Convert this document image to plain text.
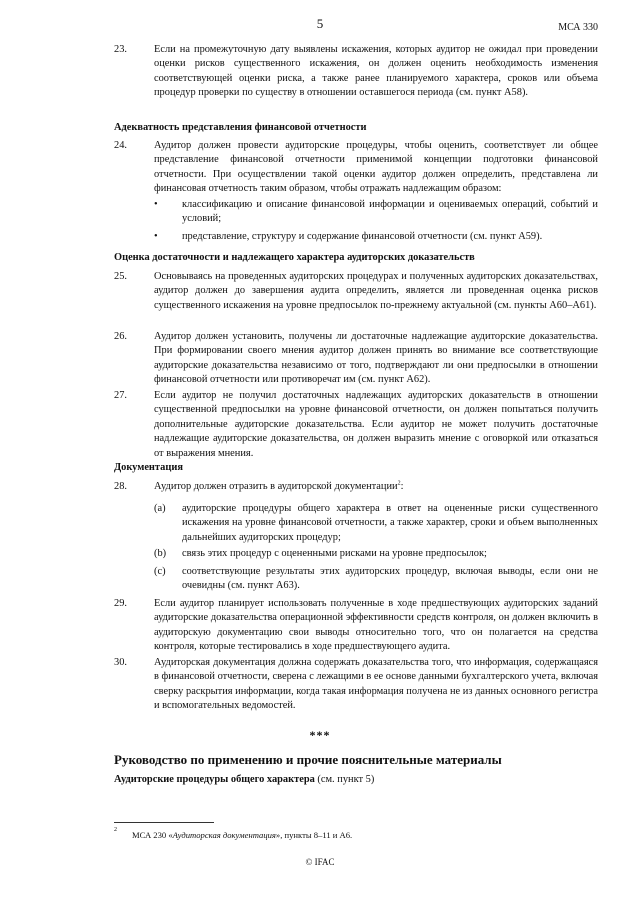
5	МСА 330
23.	Если на промежуточную дату выявлены искажения, которых аудитор не ожидал при проведении оценки рисков существенного искажения, он должен оценить необходимость изменения соответствующей оценки риска, а также ранее планируемого характера, сроков или объема процедур проверки по существу в отношении оставшегося периода (см. пункт А58).
Адекватность представления финансовой отчетности
24.	Аудитор должен провести аудиторские процедуры, чтобы оценить, соответствует ли общее представление финансовой отчетности применимой концепции подготовки финансовой отчетности. При осуществлении такой оценки аудитор должен определить, представлена ли финансовая отчетность таким образом, чтобы отражать надлежащим образом:
• классификацию и описание финансовой информации и оцениваемых операций, событий и условий;
• представление, структуру и содержание финансовой отчетности (см. пункт А59).
Оценка достаточности и надлежащего характера аудиторских доказательств
25.	Основываясь на проведенных аудиторских процедурах и полученных аудиторских доказательствах, аудитор должен до завершения аудита определить, является ли проведенная оценка рисков существенного искажения на уровне предпосылок по-прежнему актуальной (см. пункты А60–А61).
26.	Аудитор должен установить, получены ли достаточные надлежащие аудиторские доказательства. При формировании своего мнения аудитор должен принять во внимание все соответствующие аудиторские доказательства независимо от того, подтверждают ли они предпосылки в отношении финансовой отчетности или противоречат им (см. пункт А62).
27.	Если аудитор не получил достаточных надлежащих аудиторских доказательств в отношении существенной предпосылки на уровне финансовой отчетности, он должен попытаться получить дополнительные аудиторские доказательства. Если аудитор не может получить достаточные надлежащие аудиторские доказательства, он должен выразить мнение с оговоркой или отказаться от выражения мнения.
Документация
28.	Аудитор должен отразить в аудиторской документации$^2$:
(a) аудиторские процедуры общего характера в ответ на оцененные риски существенного искажения на уровне финансовой отчетности, а также характер, сроки и объем выполненных дальнейших аудиторских процедур;
(b) связь этих процедур с оцененными рисками на уровне предпосылок;
(c) соответствующие результаты этих аудиторских процедур, включая выводы, если они не очевидны (см. пункт А63).
29.	Если аудитор планирует использовать полученные в ходе предшествующих аудиторских заданий аудиторские доказательства операционной эффективности средств контроля, он должен включить в аудиторскую документацию свои выводы относительно того, что он полагается на средства контроля, которые тестировались в ходе предшествующего аудита.
30.	Аудиторская документация должна содержать доказательства того, что информация, содержащаяся в финансовой отчетности, сверена с лежащими в ее основе данными бухгалтерского учета, включая сверку раскрытия информации, когда такая информация получена не из данных основного регистра и вспомогательных ведомостей.
***
Руководство по применению и прочие пояснительные материалы
Аудиторские процедуры общего характера (см. пункт 5)
2 МСА 230 «Аудиторская документация», пункты 8–11 и А6.
© IFAC
